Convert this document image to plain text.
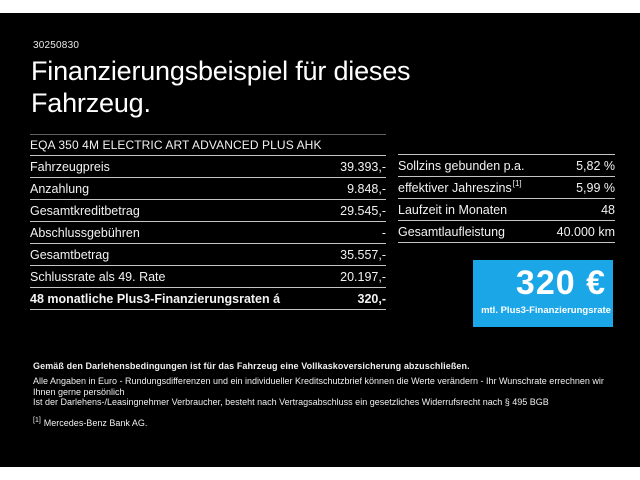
30250830
Finanzierungsbeispiel für dieses
Fahrzeug.
EQA 350 4M ELECTRIC ART ADVANCED PLUS AHK
Fahrzeugpreis	39.393,-
Anzahlung	9.848,-
Gesamtkreditbetrag	29.545,-
Abschlussgebühren	-
Gesamtbetrag	35.557,-
Schlussrate als 49. Rate	20.197,-
48 monatliche Plus3-Finanzierungsraten á	320,-
Sollzins gebunden p.a.	5,82 %
effektiver Jahreszins[1]	5,99 %
Laufzeit in Monaten	48
Gesamtlaufleistung	40.000 km
320 €
mtl. Plus3-Finanzierungsrate
Gemäß den Darlehensbedingungen ist für das Fahrzeug eine Vollkaskoversicherung abzuschließen.
Alle Angaben in Euro - Rundungsdifferenzen und ein individueller Kreditschutzbrief können die Werte verändern - Ihr Wunschrate errechnen wir Ihnen gerne persönlich
Ist der Darlehens-/Leasingnehmer Verbraucher, besteht nach Vertragsabschluss ein gesetzliches Widerrufsrecht nach § 495 BGB
[1] Mercedes-Benz Bank AG.
